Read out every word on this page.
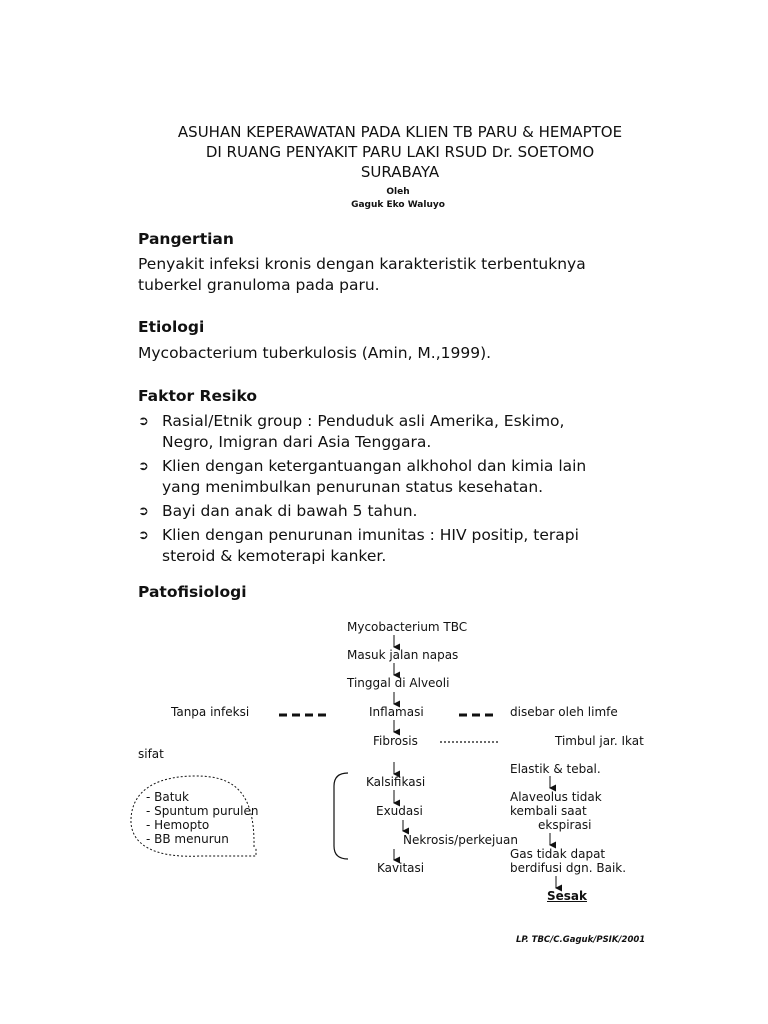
ASUHAN KEPERAWATAN PADA KLIEN TB PARU & HEMAPTOE
DI RUANG PENYAKIT PARU LAKI RSUD Dr. SOETOMO
SURABAYA
Oleh
Gaguk Eko Waluyo
Pangertian
Penyakit infeksi kronis dengan karakteristik terbentuknya
tuberkel granuloma pada paru.
Etiologi
Mycobacterium tuberkulosis (Amin, M.,1999).
Faktor Resiko
➲ Rasial/Etnik group : Penduduk asli Amerika, Eskimo,
Negro, Imigran dari Asia Tenggara.
➲ Klien dengan ketergantuangan alkhohol dan kimia lain
yang menimbulkan penurunan status kesehatan.
➲ Bayi dan anak di bawah 5 tahun.
➲ Klien dengan penurunan imunitas : HIV positip, terapi
steroid & kemoterapi kanker.
Patofisiologi
Mycobacterium TBC
Masuk jalan napas
Tinggal di Alveoli
Inflamasi
Fibrosis
Kalsifikasi
Exudasi
Nekrosis/perkejuan
Kavitasi
Tanpa infeksi
sifat
- Batuk
- Spuntum purulen
- Hemopto
- BB menurun
disebar oleh limfe
Timbul jar. Ikat
Elastik & tebal.
Alaveolus tidak
kembali saat
ekspirasi
Gas tidak dapat
berdifusi dgn. Baik.
Sesak
LP. TBC/C.Gaguk/PSIK/2001
